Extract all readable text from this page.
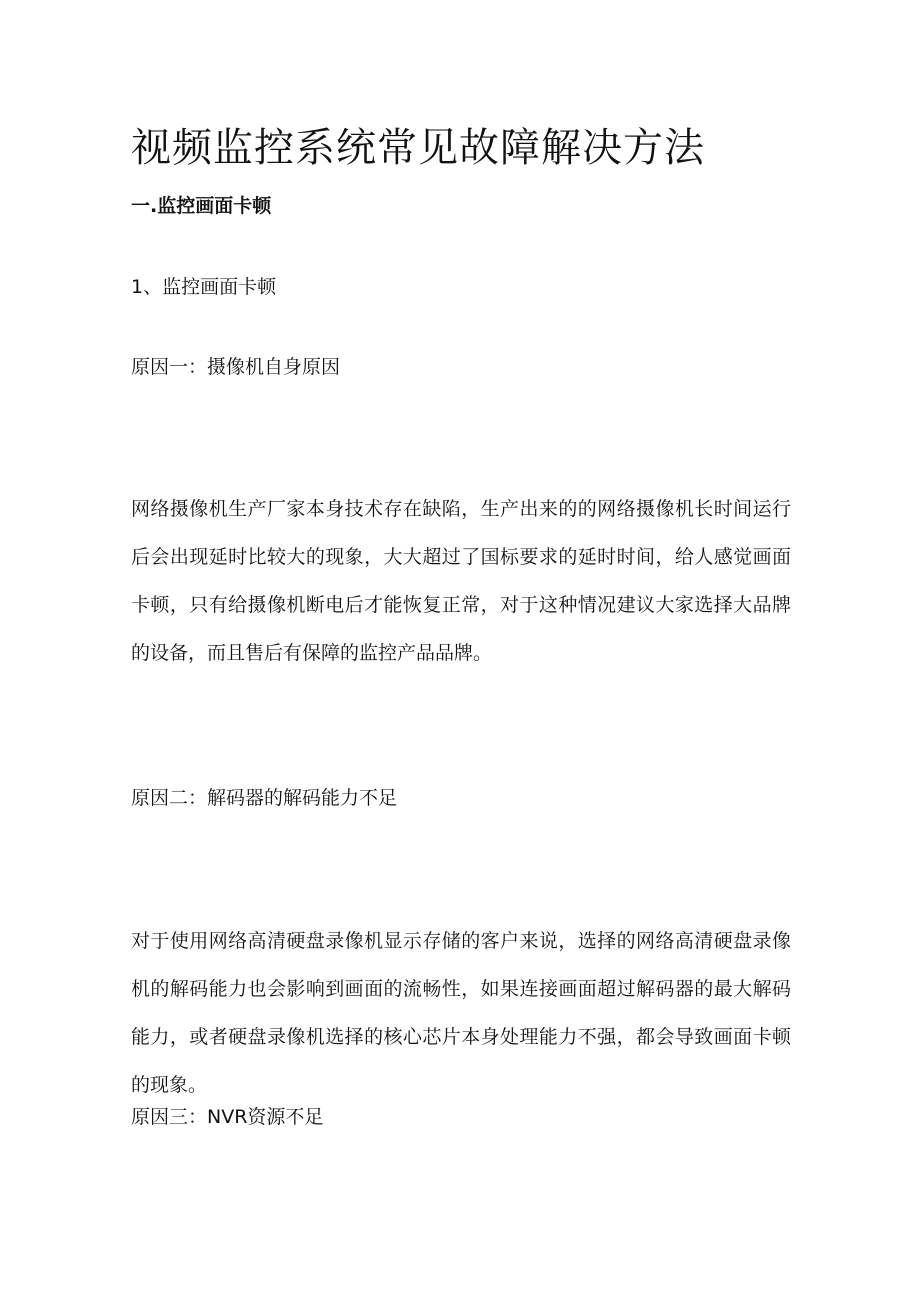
视频监控系统常见故障解决方法
一.监控画面卡顿

1、监控画面卡顿

原因一：摄像机自身原因

网络摄像机生产厂家本身技术存在缺陷，生产出来的的网络摄像机长时间运行后会出现延时比较大的现象，大大超过了国标要求的延时时间，给人感觉画面卡顿，只有给摄像机断电后才能恢复正常，对于这种情况建议大家选择大品牌的设备，而且售后有保障的监控产品品牌。

原因二：解码器的解码能力不足

对于使用网络高清硬盘录像机显示存储的客户来说，选择的网络高清硬盘录像机的解码能力也会影响到画面的流畅性，如果连接画面超过解码器的最大解码能力，或者硬盘录像机选择的核心芯片本身处理能力不强，都会导致画面卡顿的现象。

原因三：NVR资源不足
